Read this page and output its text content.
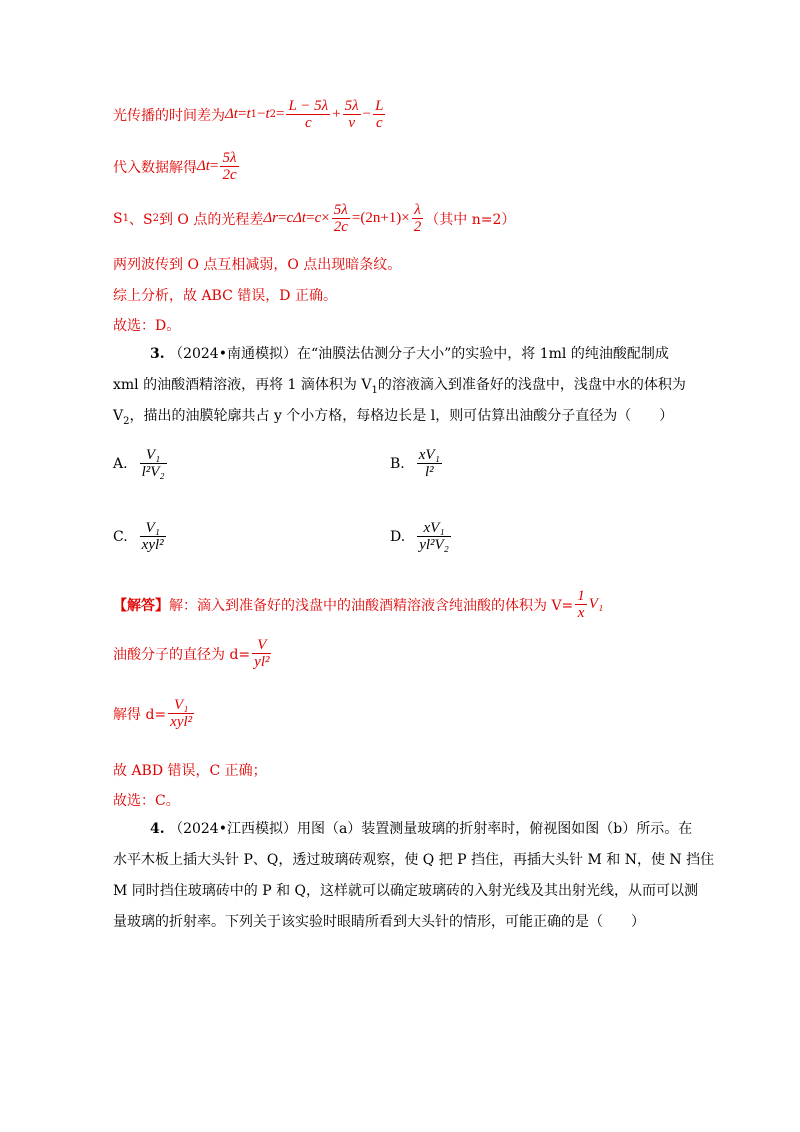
光传播的时间差为 Δt = t 1 − t $2 = \frac{L - 5\lambda}{c} + \frac{5\lambda}{v} - \frac{L}{c}$
代入数据解得 $\Delta t = \frac{5\lambda}{2c}$
S 1 、S 2 到 O 点的光程差 $\Delta r = c\Delta t = c \times \frac{5\lambda}{2c} = (2n+1) \times \frac{\lambda}{2}$ （其中 n=2）
两列波传到 O 点互相减弱，O 点出现暗条纹。
综上分析，故 ABC 错误，D 正确。
故选：D。
3. （2024•南通模拟）在“油膜法估测分子大小”的实验中，将 1ml 的纯油酸配制成
xml 的油酸酒精溶液，再将 1 滴体积为 $V_1$的溶液滴入到准备好的浅盘中，浅盘中水的体积为
$V_2$，描出的油膜轮廓共占 y 个小方格，每格边长是 l，则可估算出油酸分子直径为（　　）
A. $\frac{\text{V₁}}{\text{l²V₂}}$	B. $\frac{\text{xV₁}}{\text{l²}}$
C. $\frac{\text{V₁}}{\text{xyl²}}$	D. $\frac{\text{xV₁}}{\text{yl²V₂}}$
【解答】 解：滴入到准备好的浅盘中的油酸酒精溶液含纯油酸的体积为 $V= \frac{1}{x} V_1$
油酸分子的直径为 $d= \frac{V}{\text{yl²}}$
解得 $d= \frac{\text{V₁}}{\text{xyl²}}$
故 ABD 错误，C 正确；
故选：C。
4. （2024•江西模拟）用图（a）装置测量玻璃的折射率时，俯视图如图（b）所示。在
水平木板上插大头针 P、Q，透过玻璃砖观察，使 Q 把 P 挡住，再插大头针 M 和 N，使 N 挡住
M 同时挡住玻璃砖中的 P 和 Q，这样就可以确定玻璃砖的入射光线及其出射光线，从而可以测
量玻璃的折射率。下列关于该实验时眼睛所看到大头针的情形，可能正确的是（　　）
